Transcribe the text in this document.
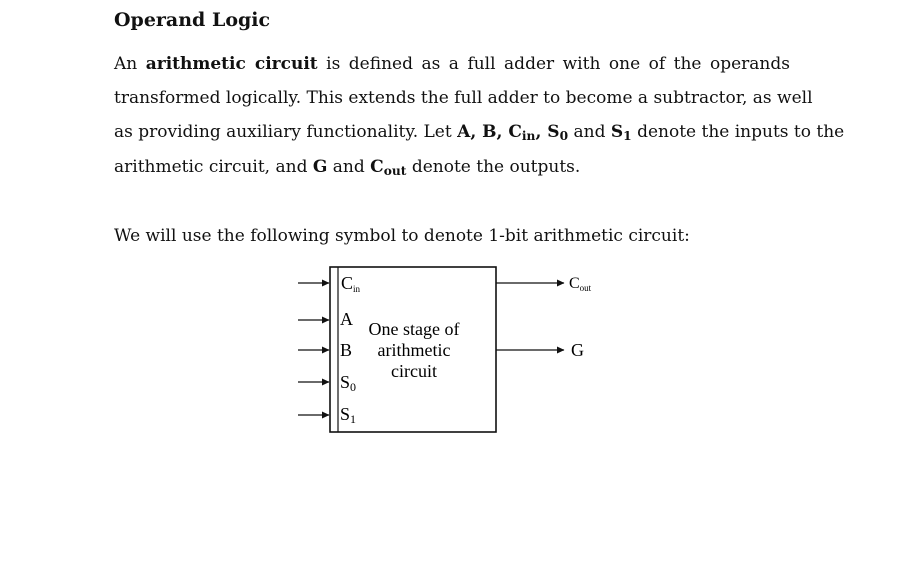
Operand Logic

An arithmetic circuit is defined as a full adder with one of the operands
transformed logically. This extends the full adder to become a subtractor, as well
as providing auxiliary functionality. Let A, B, Cin, S0 and S1 denote the inputs to the
arithmetic circuit, and G and Cout denote the outputs.

We will use the following symbol to denote 1-bit arithmetic circuit:

Cin
A
B
S0
S1
One stage of
arithmetic
circuit
Cout
G
